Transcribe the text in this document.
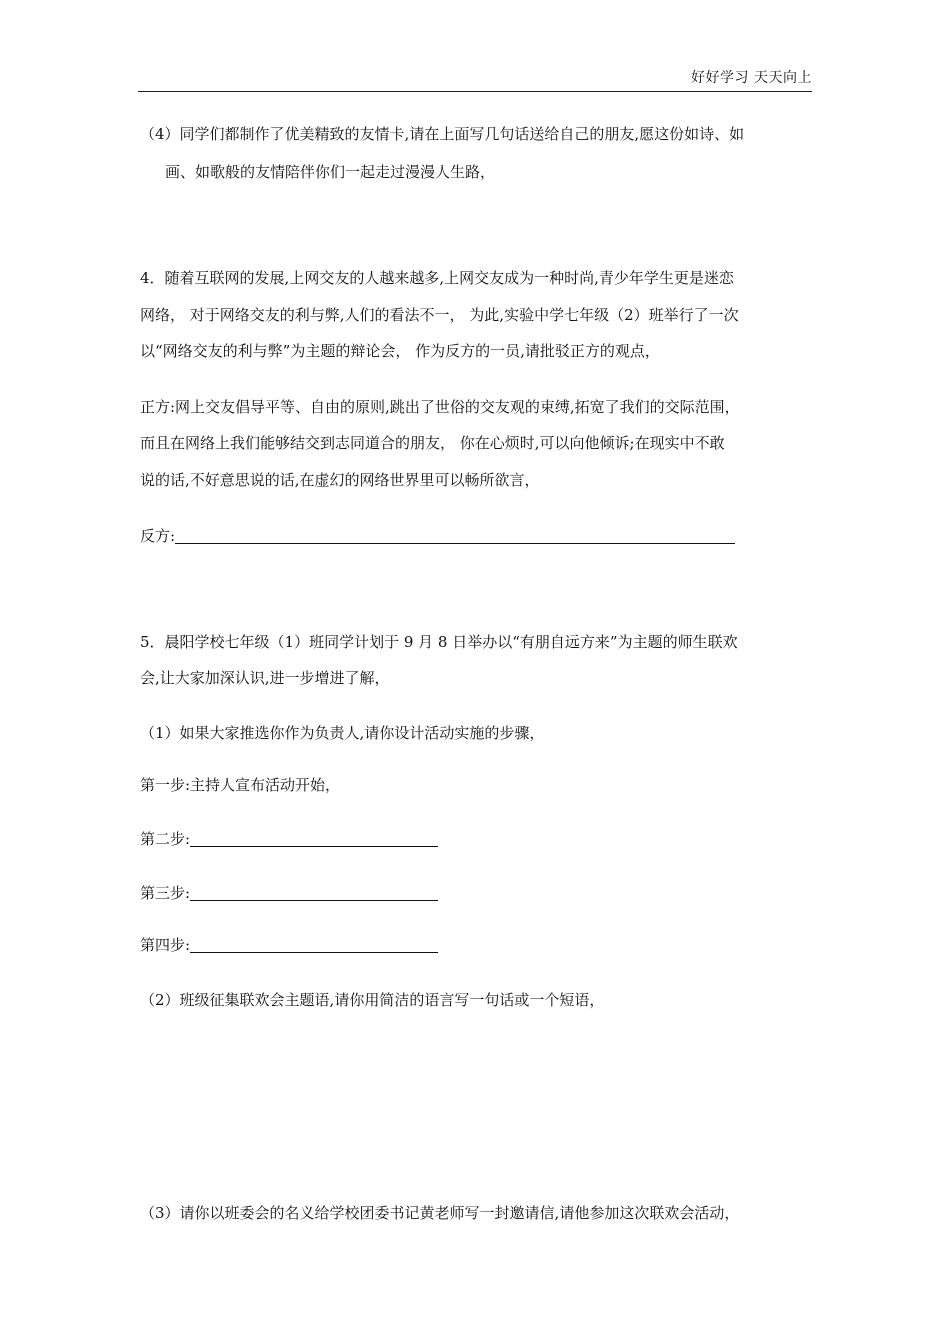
好好学习 天天向上
（4）同学们都制作了优美精致的友情卡,请在上面写几句话送给自己的朋友,愿这份如诗、如
画、如歌般的友情陪伴你们一起走过漫漫人生路，
4．随着互联网的发展,上网交友的人越来越多,上网交友成为一种时尚,青少年学生更是迷恋
网络， 对于网络交友的利与弊,人们的看法不一， 为此,实验中学七年级（2）班举行了一次
以“网络交友的利与弊”为主题的辩论会， 作为反方的一员,请批驳正方的观点，
正方:网上交友倡导平等、自由的原则,跳出了世俗的交友观的束缚,拓宽了我们的交际范围，
而且在网络上我们能够结交到志同道合的朋友， 你在心烦时,可以向他倾诉;在现实中不敢
说的话,不好意思说的话,在虚幻的网络世界里可以畅所欲言，
反方:
5．晨阳学校七年级（1）班同学计划于 9 月 8 日举办以“有朋自远方来”为主题的师生联欢
会,让大家加深认识,进一步增进了解，
（1）如果大家推选你作为负责人,请你设计活动实施的步骤，
第一步:主持人宣布活动开始，
第二步:
第三步:
第四步:
（2）班级征集联欢会主题语,请你用简洁的语言写一句话或一个短语，
（3）请你以班委会的名义给学校团委书记黄老师写一封邀请信,请他参加这次联欢会活动，
